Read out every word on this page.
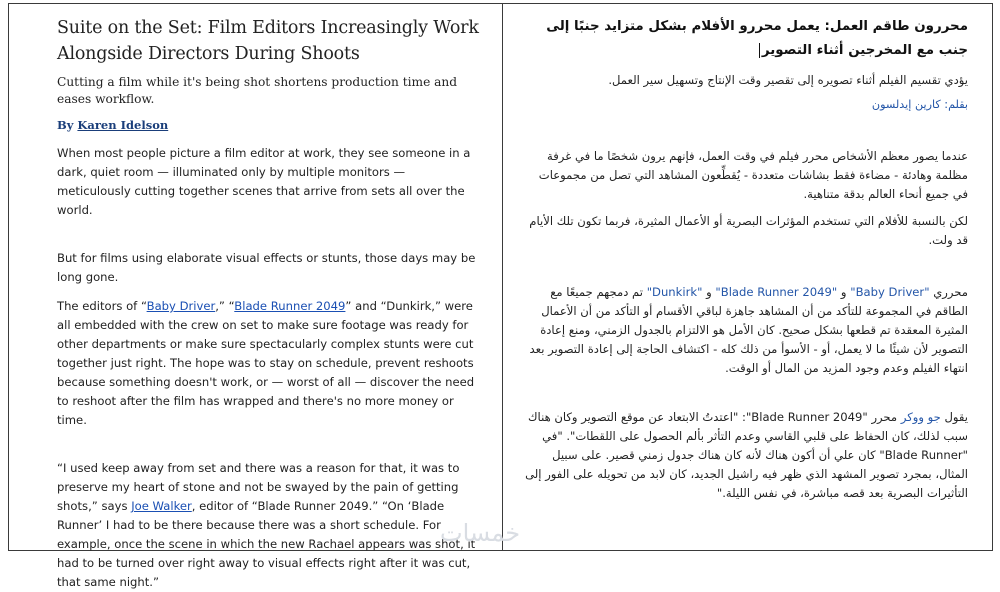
Suite on the Set: Film Editors Increasingly Work Alongside Directors During Shoots

Cutting a film while it's being shot shortens production time and eases workflow.

By Karen Idelson

When most people picture a film editor at work, they see someone in a dark, quiet room — illuminated only by multiple monitors — meticulously cutting together scenes that arrive from sets all over the world.

But for films using elaborate visual effects or stunts, those days may be long gone.

The editors of “Baby Driver,” “Blade Runner 2049” and “Dunkirk,” were all embedded with the crew on set to make sure footage was ready for other departments or make sure spectacularly complex stunts were cut together just right. The hope was to stay on schedule, prevent reshoots because something doesn't work, or — worst of all — discover the need to reshoot after the film has wrapped and there's no more money or time.

“I used keep away from set and there was a reason for that, it was to preserve my heart of stone and not be swayed by the pain of getting shots,” says Joe Walker, editor of “Blade Runner 2049.” “On ‘Blade Runner’ I had to be there because there was a short schedule. For example, once the scene in which the new Rachael appears was shot, it had to be turned over right away to visual effects right after it was cut, that same night.”

محررون طاقم العمل: يعمل محررو الأفلام بشكل متزايد جنبًا إلى جنب مع المخرجين أثناء التصوير

يؤدي تقسيم الفيلم أثناء تصويره إلى تقصير وقت الإنتاج وتسهيل سير العمل.

بقلم: كارين إيدلسون

عندما يصور معظم الأشخاص محرر فيلم في وقت العمل، فإنهم يرون شخصًا ما في غرفة مظلمة وهادئة - مضاءة فقط بشاشات متعددة - يُقطِّعون المشاهد التي تصل من مجموعات في جميع أنحاء العالم بدقة متناهية.

لكن بالنسبة للأفلام التي تستخدم المؤثرات البصرية أو الأعمال المثيرة، فربما تكون تلك الأيام قد ولت.

محرري "Baby Driver" و "Blade Runner 2049" و "Dunkirk" تم دمجهم جميعًا مع الطاقم في المجموعة للتأكد من أن المشاهد جاهزة لباقي الأقسام أو التأكد من أن الأعمال المثيرة المعقدة تم قطعها بشكل صحيح. كان الأمل هو الالتزام بالجدول الزمني، ومنع إعادة التصوير لأن شيئًا ما لا يعمل، أو - الأسوأ من ذلك كله - اكتشاف الحاجة إلى إعادة التصوير بعد انتهاء الفيلم وعدم وجود المزيد من المال أو الوقت.

يقول جو ووكر محرر "Blade Runner 2049": "اعتدتُ الابتعاد عن موقع التصوير وكان هناك سبب لذلك، كان الحفاظ على قلبي القاسي وعدم التأثر بألم الحصول على اللقطات". "في "Blade Runner" كان علي أن أكون هناك لأنه كان هناك جدول زمني قصير. على سبيل المثال، بمجرد تصوير المشهد الذي ظهر فيه راشيل الجديد، كان لابد من تحويله على الفور إلى التأثيرات البصرية بعد قصه مباشرة، في نفس الليلة."

خمسات
